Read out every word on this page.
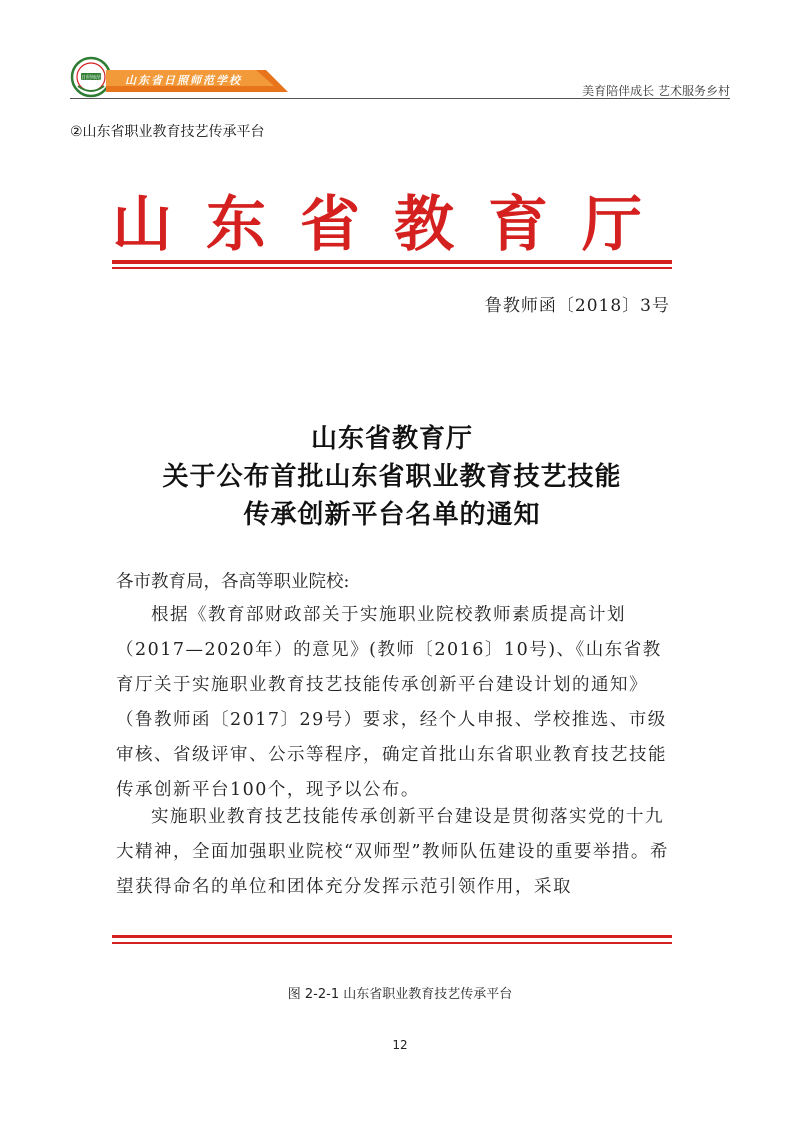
日照师范 山东省日照师范学校
美育陪伴成长 艺术服务乡村
②山东省职业教育技艺传承平台
山东省教育厅
鲁教师函〔2018〕3号
山东省教育厅
关于公布首批山东省职业教育技艺技能
传承创新平台名单的通知
各市教育局，各高等职业院校:
根据《教育部财政部关于实施职业院校教师素质提高计划（2017—2020年）的意见》(教师〔2016〕10号)、《山东省教育厅关于实施职业教育技艺技能传承创新平台建设计划的通知》（鲁教师函〔2017〕29号）要求，经个人申报、学校推选、市级审核、省级评审、公示等程序，确定首批山东省职业教育技艺技能传承创新平台100个，现予以公布。
实施职业教育技艺技能传承创新平台建设是贯彻落实党的十九大精神，全面加强职业院校“双师型”教师队伍建设的重要举措。希望获得命名的单位和团体充分发挥示范引领作用，采取
图 2-2-1 山东省职业教育技艺传承平台
12
